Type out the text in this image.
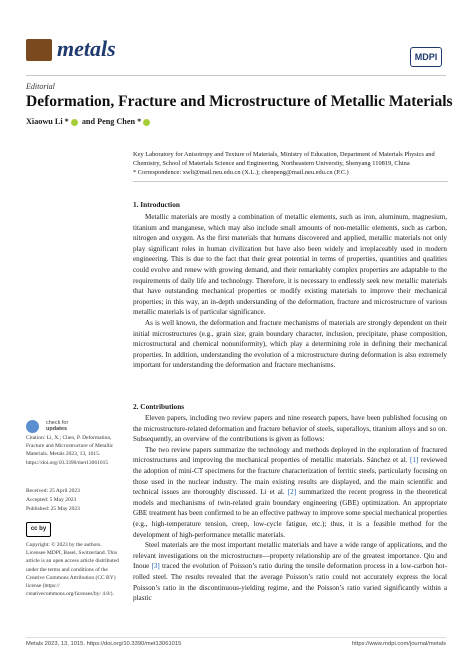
metals	MDPI
Editorial
Deformation, Fracture and Microstructure of Metallic Materials
Xiaowu Li * and Peng Chen *
Key Laboratory for Anisotropy and Texture of Materials, Ministry of Education, Department of Materials Physics and Chemistry, School of Materials Science and Engineering, Northeastern University, Shenyang 110819, China
* Correspondence: xwli@mail.neu.edu.cn (X.L.); chenpeng@mail.neu.edu.cn (P.C.)
check for
updates
Citation: Li, X.; Chen, P. Deformation, Fracture and Microstructure of Metallic Materials. Metals 2023, 13, 1015. https://doi.org/10.3390/met13061015
Received: 25 April 2023
Accepted: 5 May 2023
Published: 25 May 2023
cc by
Copyright: © 2023 by the authors. Licensee MDPI, Basel, Switzerland. This article is an open access article distributed under the terms and conditions of the Creative Commons Attribution (CC BY) license (https:// creativecommons.org/licenses/by/ 4.0/).
1. Introduction

Metallic materials are mostly a combination of metallic elements, such as iron, aluminum, magnesium, titanium and manganese, which may also include small amounts of non-metallic elements, such as carbon, nitrogen and oxygen. As the first materials that humans discovered and applied, metallic materials not only play significant roles in human civilization but have also been widely and irreplaceably used in modern engineering. This is due to the fact that their great potential in terms of properties, quantities and qualities could evolve and renew with growing demand, and their remarkably complex properties are adaptable to the requirements of daily life and technology. Therefore, it is necessary to endlessly seek new metallic materials that have outstanding mechanical properties or modify existing materials to improve their mechanical properties; in this way, an in-depth understanding of the deformation, fracture and microstructure of various metallic materials is of particular significance.

As is well known, the deformation and fracture mechanisms of materials are strongly dependent on their initial microstructures (e.g., grain size, grain boundary character, inclusion, precipitate, phase composition, microstructural and chemical nonuniformity), which play a determining role in defining their mechanical properties. In addition, understanding the evolution of a microstructure during deformation is also extremely important for understanding the deformation and fracture mechanisms.

2. Contributions

Eleven papers, including two review papers and nine research papers, have been published focusing on the microstructure-related deformation and fracture behavior of steels, superalloys, titanium alloys and so on. Subsequently, an overview of the contributions is given as follows:

The two review papers summarize the technology and methods deployed in the exploration of fractured microstructures and improving the mechanical properties of metallic materials. Sánchez et al. [1] reviewed the adoption of mini-CT specimens for the fracture characterization of ferritic steels, particularly focusing on those used in the nuclear industry. The main existing results are displayed, and the main scientific and technical issues are thoroughly discussed. Li et al. [2] summarized the recent progress in the theoretical models and mechanisms of twin-related grain boundary engineering (GBE) optimization. An appropriate GBE treatment has been confirmed to be an effective pathway to improve some special mechanical properties (e.g., high-temperature tension, creep, low-cycle fatigue, etc.); thus, it is a feasible method for the development of high-performance metallic materials.

Steel materials are the most important metallic materials and have a wide range of applications, and the relevant investigations on the microstructure—property relationship are of the greatest importance. Qiu and Inoue [3] traced the evolution of Poisson’s ratio during the tensile deformation process in a low-carbon hot-rolled steel. The results revealed that the average Poisson’s ratio could not accurately express the local Poisson’s ratio in the discontinuous-yielding regime, and the Poisson’s ratio varied significantly within a plastic

Metals 2023, 13, 1015. https://doi.org/10.3390/met13061015	https://www.mdpi.com/journal/metals
